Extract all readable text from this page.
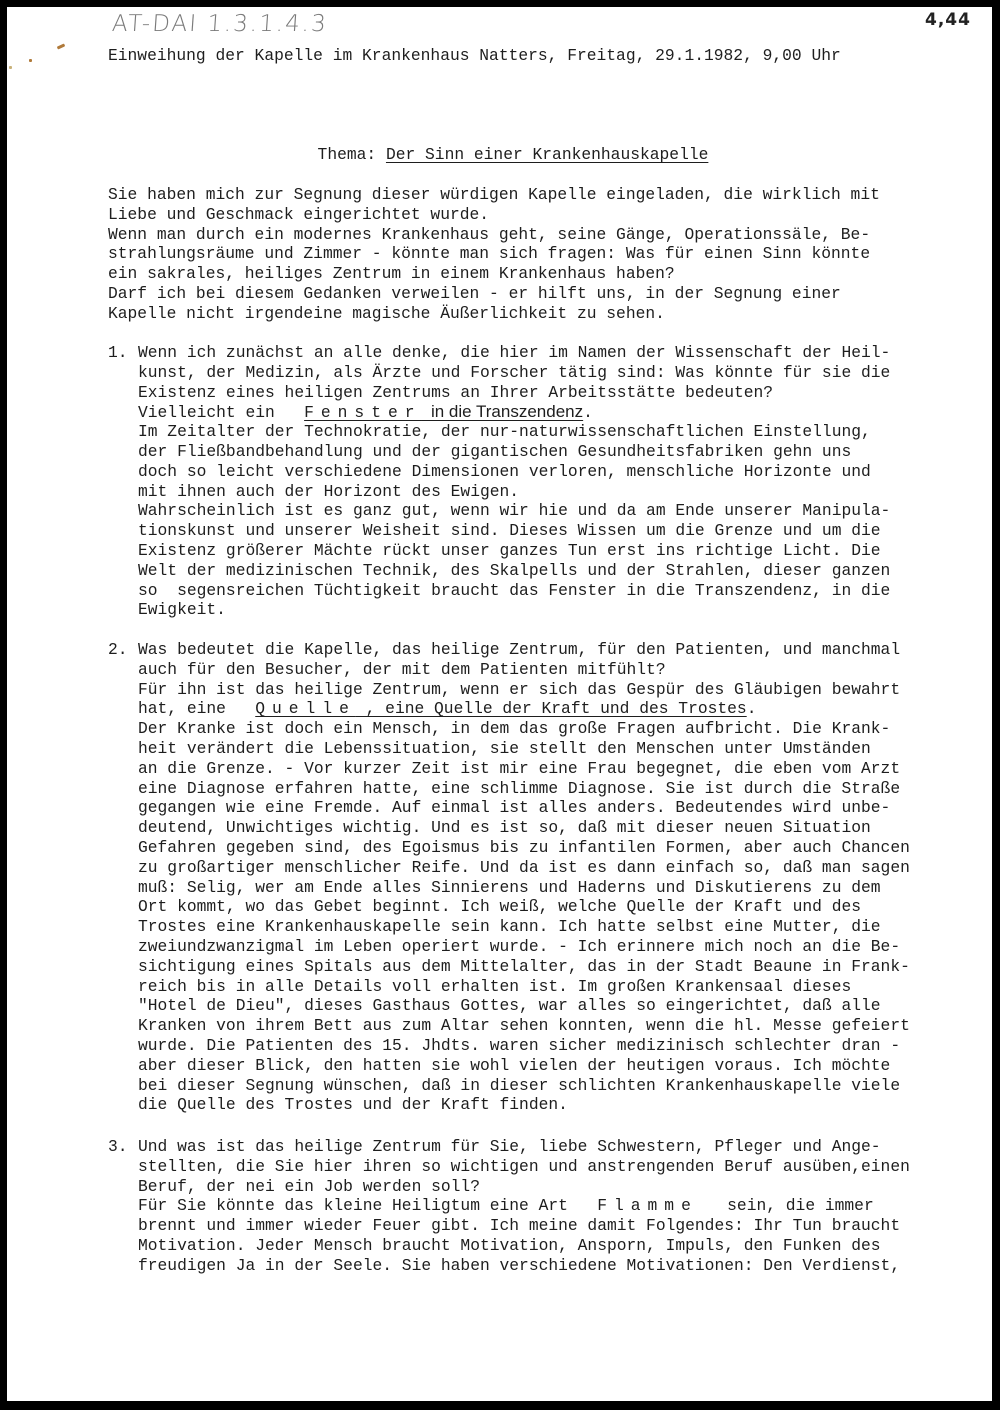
AT-DAI 1.3.1.4.3	4,44
Einweihung der Kapelle im Krankenhaus Natters, Freitag, 29.1.1982, 9,00 Uhr

Thema: Der Sinn einer Krankenhauskapelle

Sie haben mich zur Segnung dieser würdigen Kapelle eingeladen, die wirklich mit
Liebe und Geschmack eingerichtet wurde.
Wenn man durch ein modernes Krankenhaus geht, seine Gänge, Operationssäle, Be-
strahlungsräume und Zimmer - könnte man sich fragen: Was für einen Sinn könnte
ein sakrales, heiliges Zentrum in einem Krankenhaus haben?
Darf ich bei diesem Gedanken verweilen - er hilft uns, in der Segnung einer
Kapelle nicht irgendeine magische Äußerlichkeit zu sehen.
1. Wenn ich zunächst an alle denke, die hier im Namen der Wissenschaft der Heil-
kunst, der Medizin, als Ärzte und Forscher tätig sind: Was könnte für sie die
Existenz eines heiligen Zentrums an Ihrer Arbeitsstätte bedeuten?
Vielleicht ein   Fenster  in die Transzendenz.
Im Zeitalter der Technokratie, der nur-naturwissenschaftlichen Einstellung,
der Fließbandbehandlung und der gigantischen Gesundheitsfabriken gehn uns
doch so leicht verschiedene Dimensionen verloren, menschliche Horizonte und
mit ihnen auch der Horizont des Ewigen.
Wahrscheinlich ist es ganz gut, wenn wir hie und da am Ende unserer Manipula-
tionskunst und unserer Weisheit sind. Dieses Wissen um die Grenze und um die
Existenz größerer Mächte rückt unser ganzes Tun erst ins richtige Licht. Die
Welt der medizinischen Technik, des Skalpells und der Strahlen, dieser ganzen
so  segensreichen Tüchtigkeit braucht das Fenster in die Transzendenz, in die
Ewigkeit.
2. Was bedeutet die Kapelle, das heilige Zentrum, für den Patienten, und manchmal
auch für den Besucher, der mit dem Patienten mitfühlt?
Für ihn ist das heilige Zentrum, wenn er sich das Gespür des Gläubigen bewahrt
hat, eine   Quelle , eine Quelle der Kraft und des Trostes.
Der Kranke ist doch ein Mensch, in dem das große Fragen aufbricht. Die Krank-
heit verändert die Lebenssituation, sie stellt den Menschen unter Umständen
an die Grenze. - Vor kurzer Zeit ist mir eine Frau begegnet, die eben vom Arzt
eine Diagnose erfahren hatte, eine schlimme Diagnose. Sie ist durch die Straße
gegangen wie eine Fremde. Auf einmal ist alles anders. Bedeutendes wird unbe-
deutend, Unwichtiges wichtig. Und es ist so, daß mit dieser neuen Situation
Gefahren gegeben sind, des Egoismus bis zu infantilen Formen, aber auch Chancen
zu großartiger menschlicher Reife. Und da ist es dann einfach so, daß man sagen
muß: Selig, wer am Ende alles Sinnierens und Haderns und Diskutierens zu dem
Ort kommt, wo das Gebet beginnt. Ich weiß, welche Quelle der Kraft und des
Trostes eine Krankenhauskapelle sein kann. Ich hatte selbst eine Mutter, die
zweiundzwanzigmal im Leben operiert wurde. - Ich erinnere mich noch an die Be-
sichtigung eines Spitals aus dem Mittelalter, das in der Stadt Beaune in Frank-
reich bis in alle Details voll erhalten ist. Im großen Krankensaal dieses
"Hotel de Dieu", dieses Gasthaus Gottes, war alles so eingerichtet, daß alle
Kranken von ihrem Bett aus zum Altar sehen konnten, wenn die hl. Messe gefeiert
wurde. Die Patienten des 15. Jhdts. waren sicher medizinisch schlechter dran -
aber dieser Blick, den hatten sie wohl vielen der heutigen voraus. Ich möchte
bei dieser Segnung wünschen, daß in dieser schlichten Krankenhauskapelle viele
die Quelle des Trostes und der Kraft finden.
3. Und was ist das heilige Zentrum für Sie, liebe Schwestern, Pfleger und Ange-
stellten, die Sie hier ihren so wichtigen und anstrengenden Beruf ausüben,einen
Beruf, der nei ein Job werden soll?
Für Sie könnte das kleine Heiligtum eine Art   Flamme   sein, die immer
brennt und immer wieder Feuer gibt. Ich meine damit Folgendes: Ihr Tun braucht
Motivation. Jeder Mensch braucht Motivation, Ansporn, Impuls, den Funken des
freudigen Ja in der Seele. Sie haben verschiedene Motivationen: Den Verdienst,
